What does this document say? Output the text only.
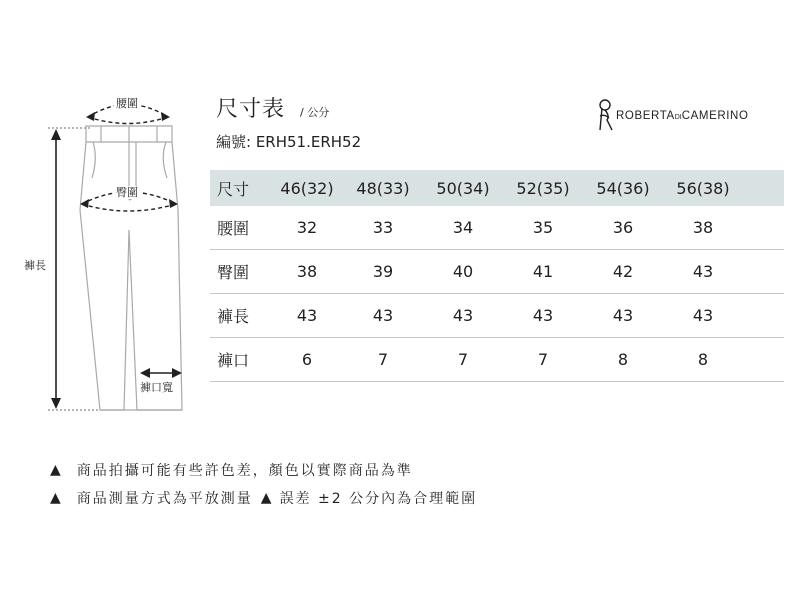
腰圍
臀圍
褲長
褲口寬
尺寸表 / 公分
編號: ERH51.ERH52
ROBERTADICAMERINO
尺寸	46(32)	48(33)	50(34)	52(35)	54(36)	56(38)
腰圍	32	33	34	35	36	38
臀圍	38	39	40	41	42	43
褲長	43	43	43	43	43	43
褲口	6	7	7	7	8	8
▲ 商品拍攝可能有些許色差，顏色以實際商品為準
▲ 商品測量方式為平放測量 ▲ 誤差 ±2 公分內為合理範圍
